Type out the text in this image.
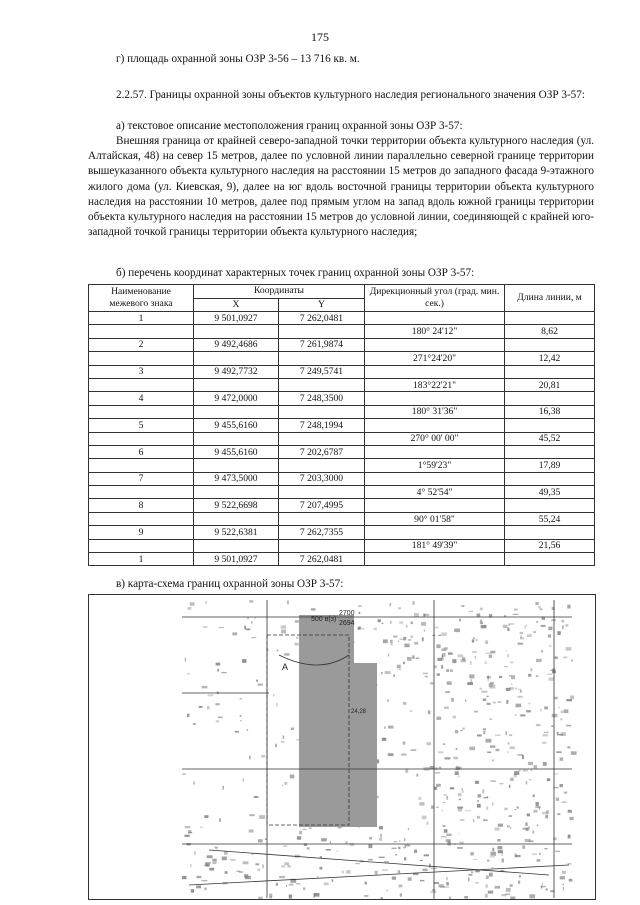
175

г) площадь охранной зоны ОЗР 3-56 – 13 716 кв. м.

2.2.57. Границы охранной зоны объектов культурного наследия регионального значения ОЗР 3-57:

а) текстовое описание местоположения границ охранной зоны ОЗР 3-57:

Внешняя граница от крайней северо-западной точки территории объекта культурного наследия (ул. Алтайская, 48) на север 15 метров, далее по условной линии параллельно северной границе территории вышеуказанного объекта культурного наследия на расстоянии 15 метров до западного фасада 9-этажного жилого дома (ул. Киевская, 9), далее на юг вдоль восточной границы территории объекта культурного наследия на расстоянии 10 метров, далее под прямым углом на запад вдоль южной границы территории объекта культурного наследия на расстоянии 15 метров до условной линии, соединяющей с крайней юго-западной точкой границы территории объекта культурного наследия;

б) перечень координат характерных точек границ охранной зоны ОЗР 3-57:

Наименование межевого знака	Координаты		Дирекционный угол (град. мин. сек.)	Длина линии, м
	X	Y		
1	9 501,0927	7 262,0481		
			180° 24'12"	8,62
2	9 492,4686	7 261,9874		
			271°24'20"	12,42
3	9 492,7732	7 249,5741		
			183°22'21"	20,81
4	9 472,0000	7 248,3500		
			180° 31'36"	16,38
5	9 455,6160	7 248,1994		
			270° 00' 00"	45,52
6	9 455,6160	7 202,6787		
			1°59'23"	17,89
7	9 473,5000	7 203,3000		
			4° 52'54"	49,35
8	9 522,6698	7 207,4995		
			90° 01'58"	55,24
9	9 522,6381	7 262,7355		
			181° 49'39"	21,56
1	9 501,0927	7 262,0481		

в) карта-схема границ охранной зоны ОЗР 3-57:

500 в(з)
2700
2694
А
24,28
